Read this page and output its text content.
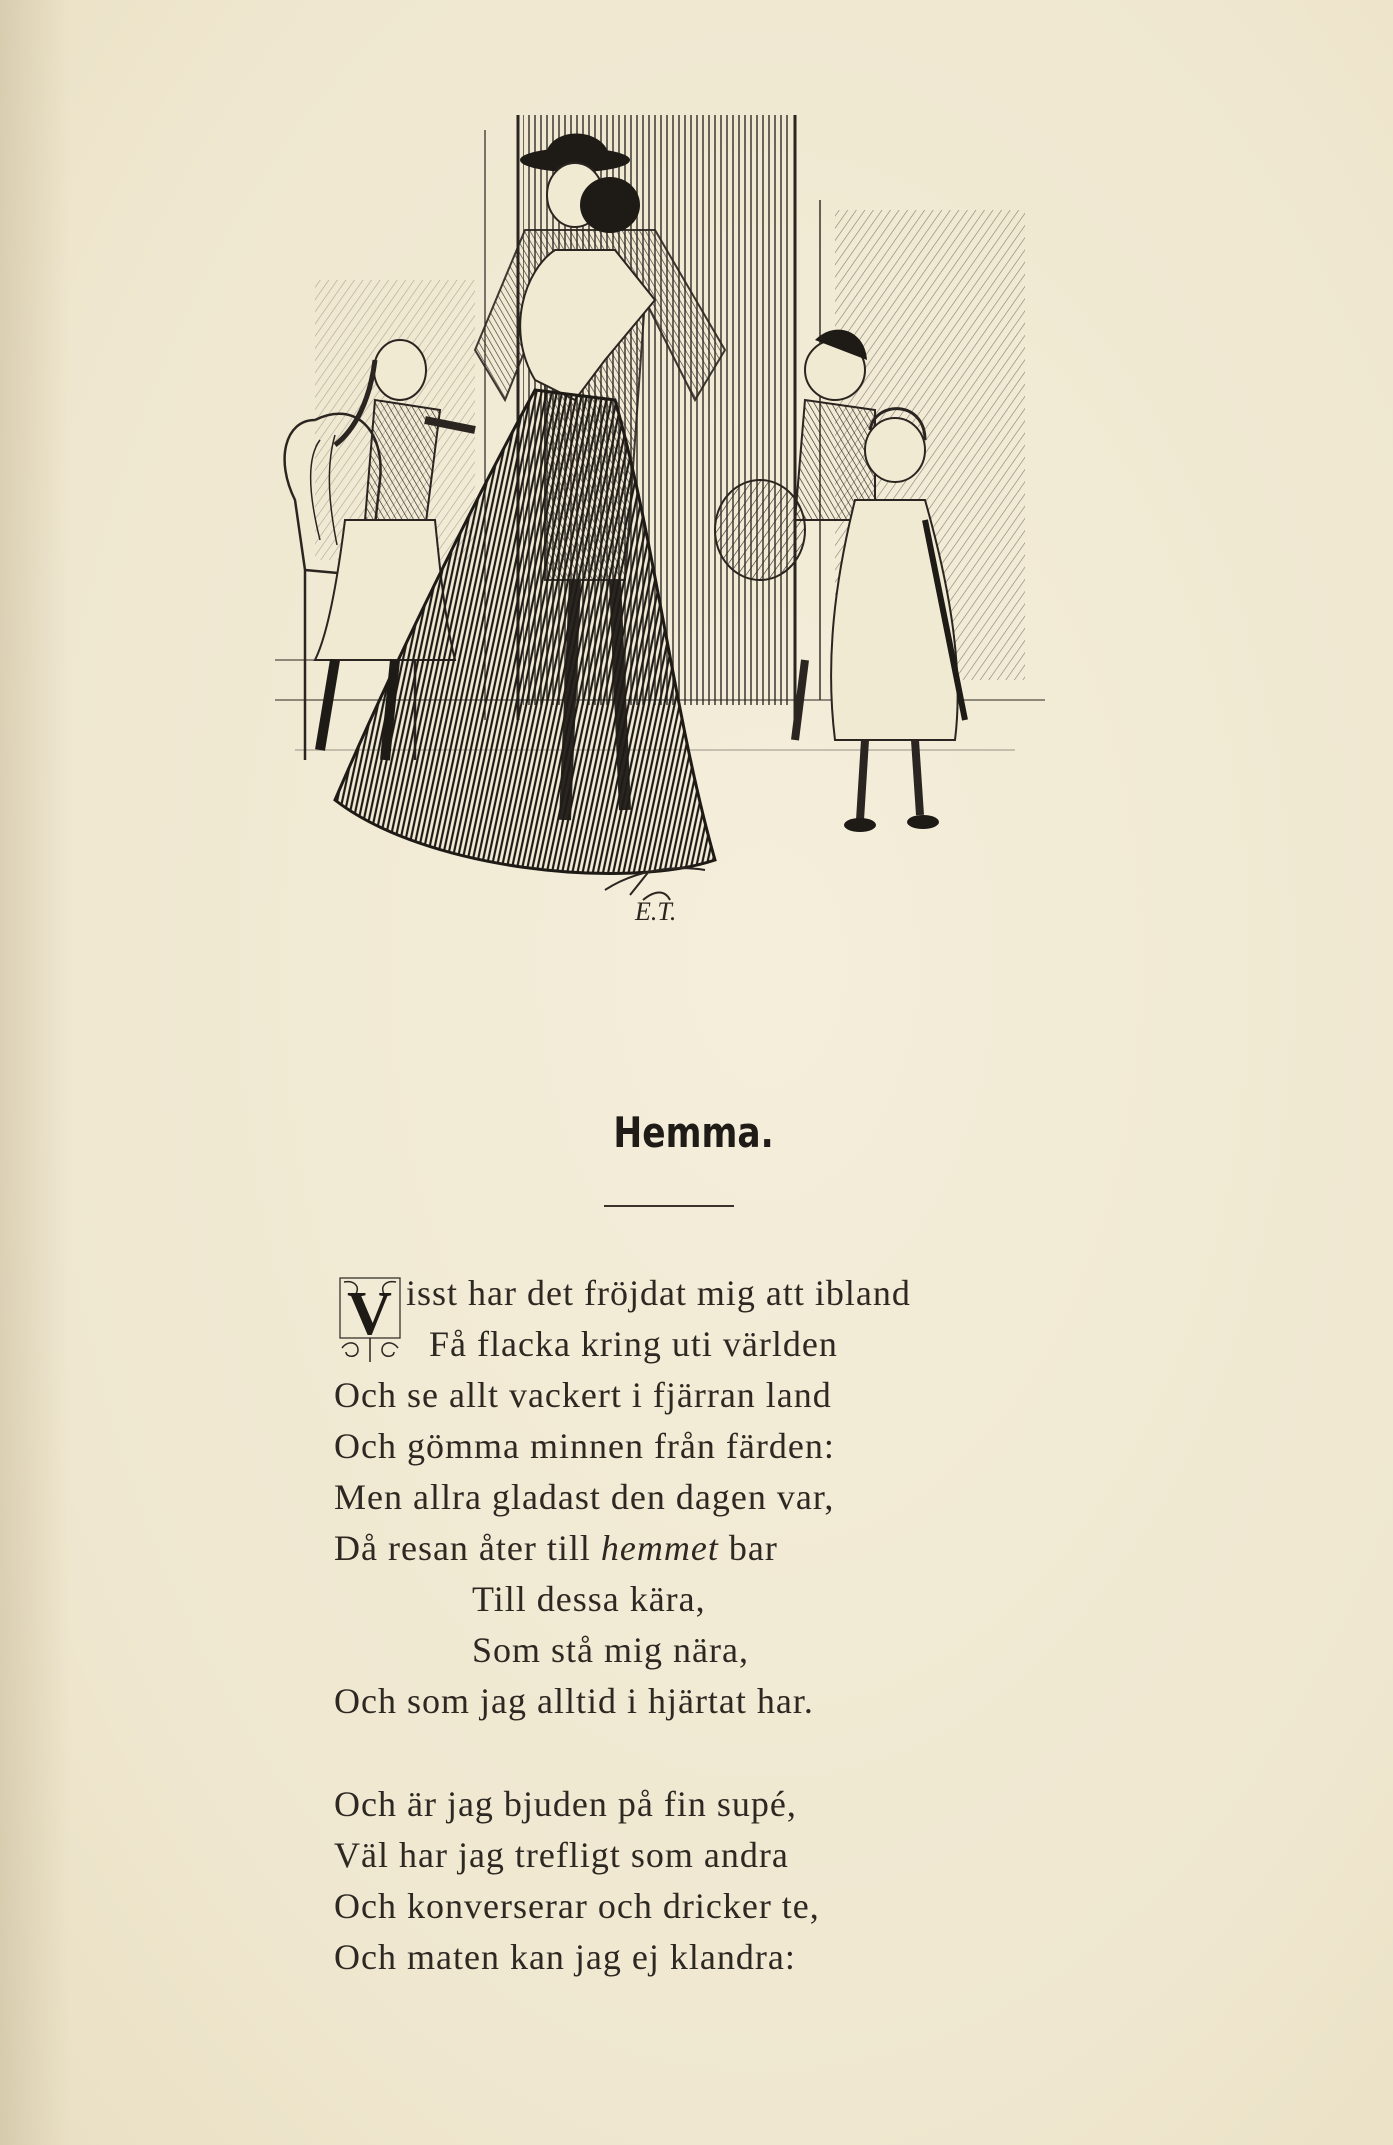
E.T.
Hemma.
V isst har det fröjdat mig att ibland
Få flacka kring uti världen
Och se allt vackert i fjärran land
Och gömma minnen från färden:
Men allra gladast den dagen var,
Då resan åter till hemmet bar
Till dessa kära,
Som stå mig nära,
Och som jag alltid i hjärtat har.
Och är jag bjuden på fin supé,
Väl har jag trefligt som andra
Och konverserar och dricker te,
Och maten kan jag ej klandra:
